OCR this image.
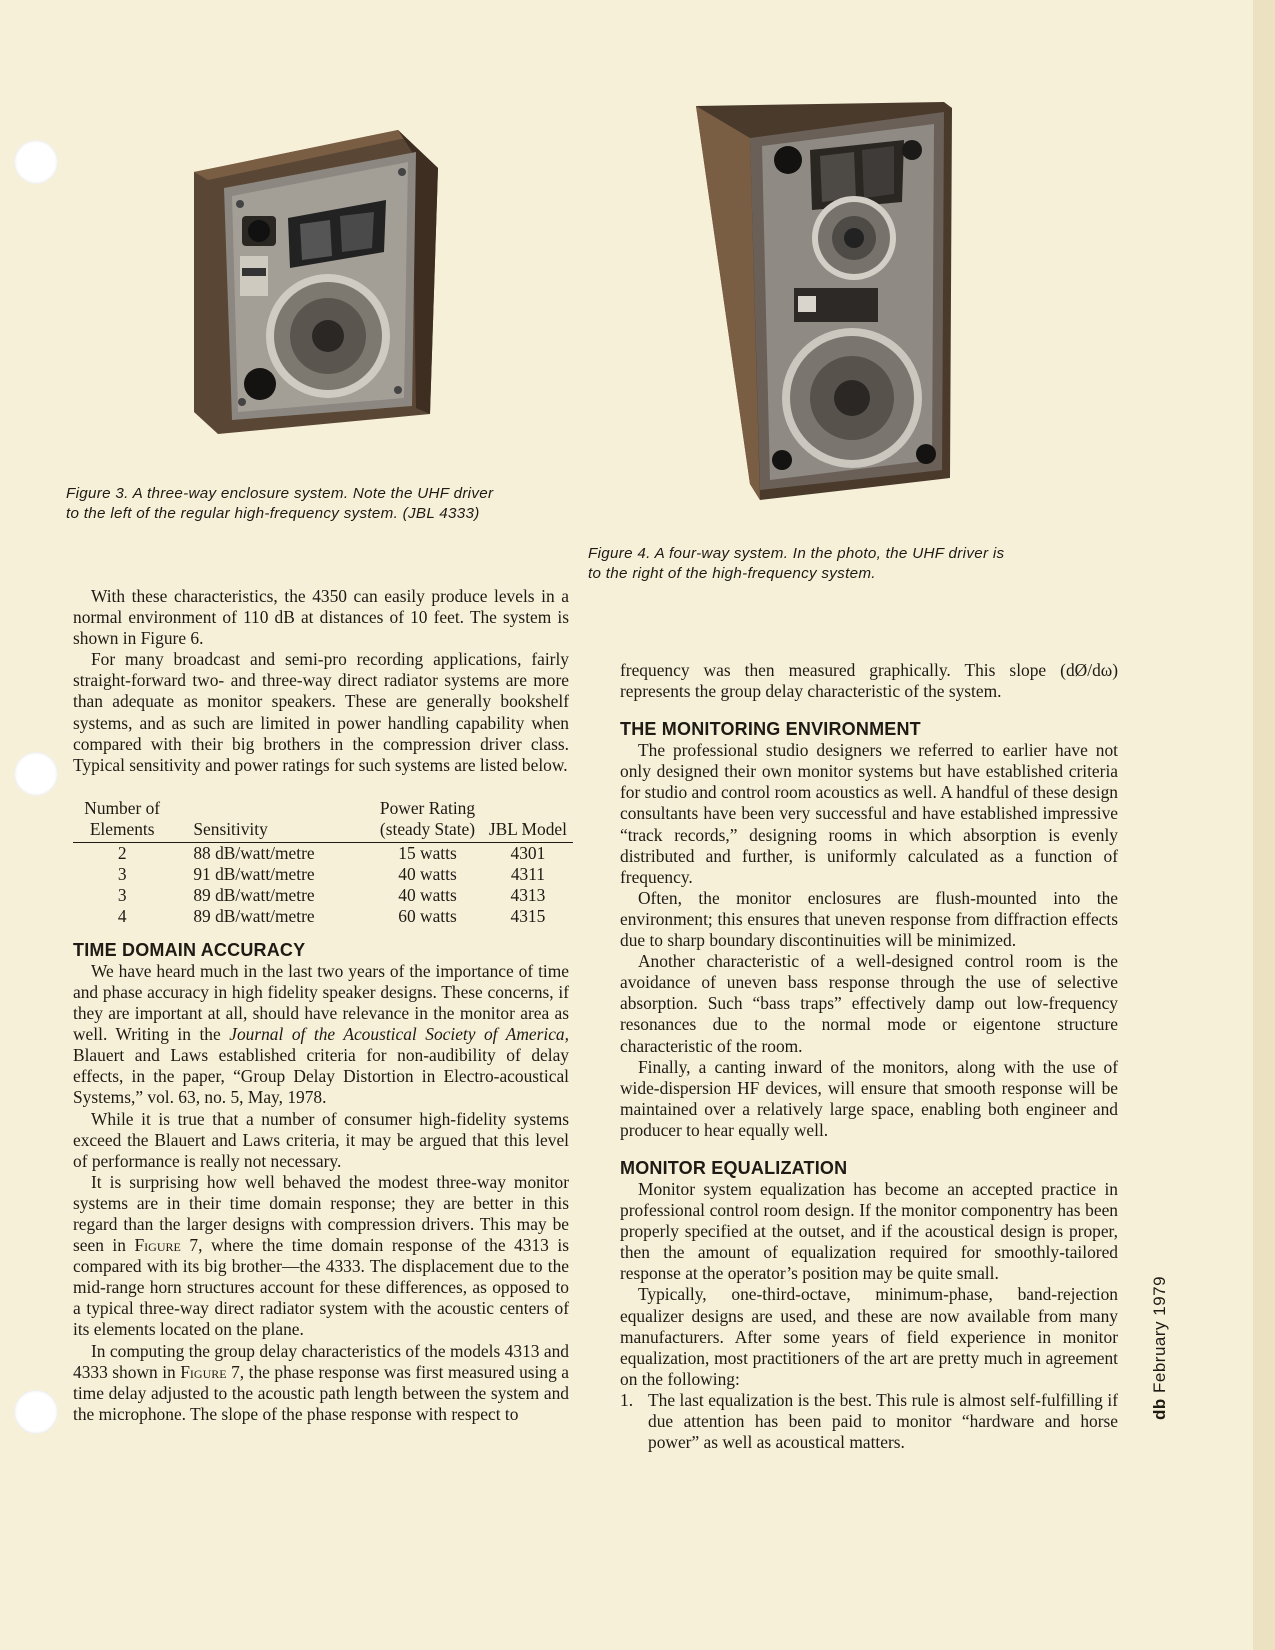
Figure 3. A three-way enclosure system. Note the UHF driver to the left of the regular high-frequency system. (JBL 4333)
Figure 4. A four-way system. In the photo, the UHF driver is to the right of the high-frequency system.

With these characteristics, the 4350 can easily produce levels in a normal environment of 110 dB at distances of 10 feet. The system is shown in Figure 6.

For many broadcast and semi-pro recording applications, fairly straight-forward two- and three-way direct radiator systems are more than adequate as monitor speakers. These are generally bookshelf systems, and as such are limited in power handling capability when compared with their big brothers in the compression driver class. Typical sensitivity and power ratings for such systems are listed below.

Number of Elements	Sensitivity	Power Rating (steady State)	JBL Model
2	88 dB/watt/metre	15 watts	4301
3	91 dB/watt/metre	40 watts	4311
3	89 dB/watt/metre	40 watts	4313
4	89 dB/watt/metre	60 watts	4315
TIME DOMAIN ACCURACY

We have heard much in the last two years of the importance of time and phase accuracy in high fidelity speaker designs. These concerns, if they are important at all, should have relevance in the monitor area as well. Writing in the Journal of the Acoustical Society of America, Blauert and Laws established criteria for non-audibility of delay effects, in the paper, “Group Delay Distortion in Electro-acoustical Systems,” vol. 63, no. 5, May, 1978.

While it is true that a number of consumer high-fidelity systems exceed the Blauert and Laws criteria, it may be argued that this level of performance is really not necessary.

It is surprising how well behaved the modest three-way monitor systems are in their time domain response; they are better in this regard than the larger designs with compression drivers. This may be seen in Figure 7, where the time domain response of the 4313 is compared with its big brother—the 4333. The displacement due to the mid-range horn structures account for these differences, as opposed to a typical three-way direct radiator system with the acoustic centers of its elements located on the plane.

In computing the group delay characteristics of the models 4313 and 4333 shown in Figure 7, the phase response was first measured using a time delay adjusted to the acoustic path length between the system and the microphone. The slope of the phase response with respect to

frequency was then measured graphically. This slope (dØ/dω) represents the group delay characteristic of the system.

THE MONITORING ENVIRONMENT

The professional studio designers we referred to earlier have not only designed their own monitor systems but have established criteria for studio and control room acoustics as well. A handful of these design consultants have been very successful and have established impressive “track records,” designing rooms in which absorption is evenly distributed and further, is uniformly calculated as a function of frequency.

Often, the monitor enclosures are flush-mounted into the environment; this ensures that uneven response from diffraction effects due to sharp boundary discontinuities will be minimized.

Another characteristic of a well-designed control room is the avoidance of uneven bass response through the use of selective absorption. Such “bass traps” effectively damp out low-frequency resonances due to the normal mode or eigentone structure characteristic of the room.

Finally, a canting inward of the monitors, along with the use of wide-dispersion HF devices, will ensure that smooth response will be maintained over a relatively large space, enabling both engineer and producer to hear equally well.

MONITOR EQUALIZATION

Monitor system equalization has become an accepted practice in professional control room design. If the monitor componentry has been properly specified at the outset, and if the acoustical design is proper, then the amount of equalization required for smoothly-tailored response at the operator’s position may be quite small.

Typically, one-third-octave, minimum-phase, band-rejection equalizer designs are used, and these are now available from many manufacturers. After some years of field experience in monitor equalization, most practitioners of the art are pretty much in agreement on the following:

1. The last equalization is the best. This rule is almost self-fulfilling if due attention has been paid to monitor “hardware and horse power” as well as acoustical matters.
db February 1979
